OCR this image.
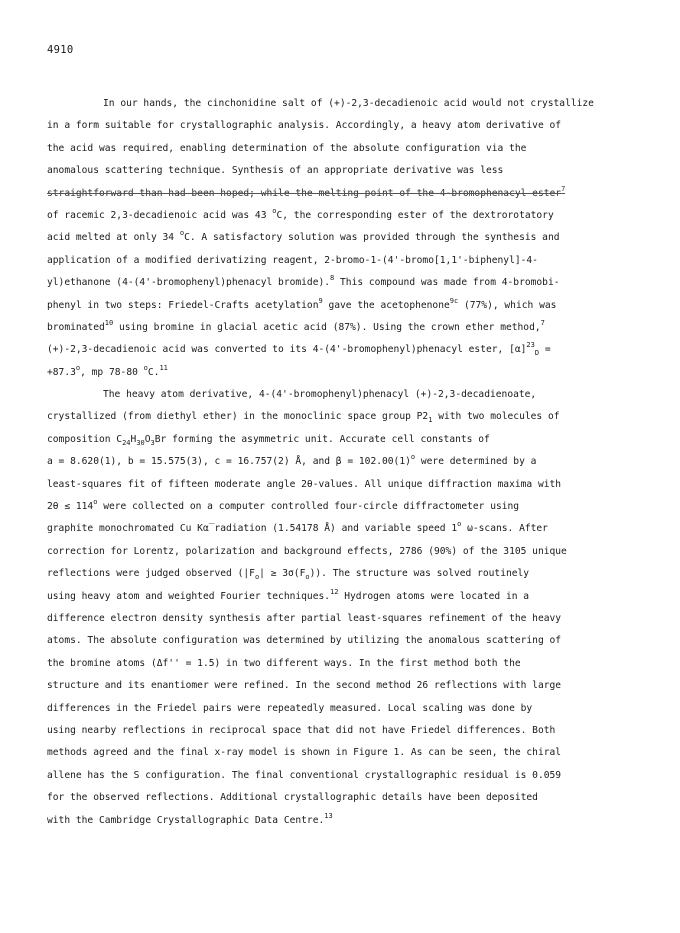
4910
In our hands, the cinchonidine salt of (+)-2,3-decadienoic acid would not crystallize
in a form suitable for crystallographic analysis. Accordingly, a heavy atom derivative of
the acid was required, enabling determination of the absolute configuration via the
anomalous scattering technique. Synthesis of an appropriate derivative was less
straightforward than had been hoped; while the melting point of the 4-bromophenacyl ester$^7$
of racemic 2,3-decadienoic acid was 43 $^o$C, the corresponding ester of the dextrorotatory
acid melted at only 34 $^o$C. A satisfactory solution was provided through the synthesis and
application of a modified derivatizing reagent, 2-bromo-1-(4'-bromo[1,1'-biphenyl]-4-
yl)ethanone (4-(4'-bromophenyl)phenacyl bromide).$^8$ This compound was made from 4-bromobi-
phenyl in two steps: Friedel-Crafts acetylation$^9$ gave the acetophenone$^{9c}$ (77%), which was
brominated$^{10}$ using bromine in glacial acetic acid (87%). Using the crown ether method,$^7$
(+)-2,3-decadienoic acid was converted to its 4-(4'-bromophenyl)phenacyl ester, $[\alpha]^{23}_D$ =
$+87.3^o$, mp 78-80 $^o$C.$^{11}$
The heavy atom derivative, 4-(4'-bromophenyl)phenacyl (+)-2,3-decadienoate,
crystallized (from diethyl ether) in the monoclinic space group $P2_1$ with two molecules of
composition $C_{24}H_{30}O_3Br$ forming the asymmetric unit. Accurate cell constants of
a = 8.620(1), b = 15.575(3), c = 16.757(2) Å, and $\beta = 102.00(1)^o$ were determined by a
least-squares fit of fifteen moderate angle 2θ-values. All unique diffraction maxima with
$2\theta \le 114^o$ were collected on a computer controlled four-circle diffractometer using
graphite monochromated Cu Kα̅ radiation (1.54178 Å) and variable speed 1$^o$ ω-scans. After
correction for Lorentz, polarization and background effects, 2786 (90%) of the 3105 unique
reflections were judged observed $(|F_o| \ge 3\sigma(F_o))$. The structure was solved routinely
using heavy atom and weighted Fourier techniques.$^{12}$ Hydrogen atoms were located in a
difference electron density synthesis after partial least-squares refinement of the heavy
atoms. The absolute configuration was determined by utilizing the anomalous scattering of
the bromine atoms (Δf'' = 1.5) in two different ways. In the first method both the
structure and its enantiomer were refined. In the second method 26 reflections with large
differences in the Friedel pairs were repeatedly measured. Local scaling was done by
using nearby reflections in reciprocal space that did not have Friedel differences. Both
methods agreed and the final x-ray model is shown in Figure 1. As can be seen, the chiral
allene has the S configuration. The final conventional crystallographic residual is 0.059
for the observed reflections. Additional crystallographic details have been deposited
with the Cambridge Crystallographic Data Centre.$^{13}$
